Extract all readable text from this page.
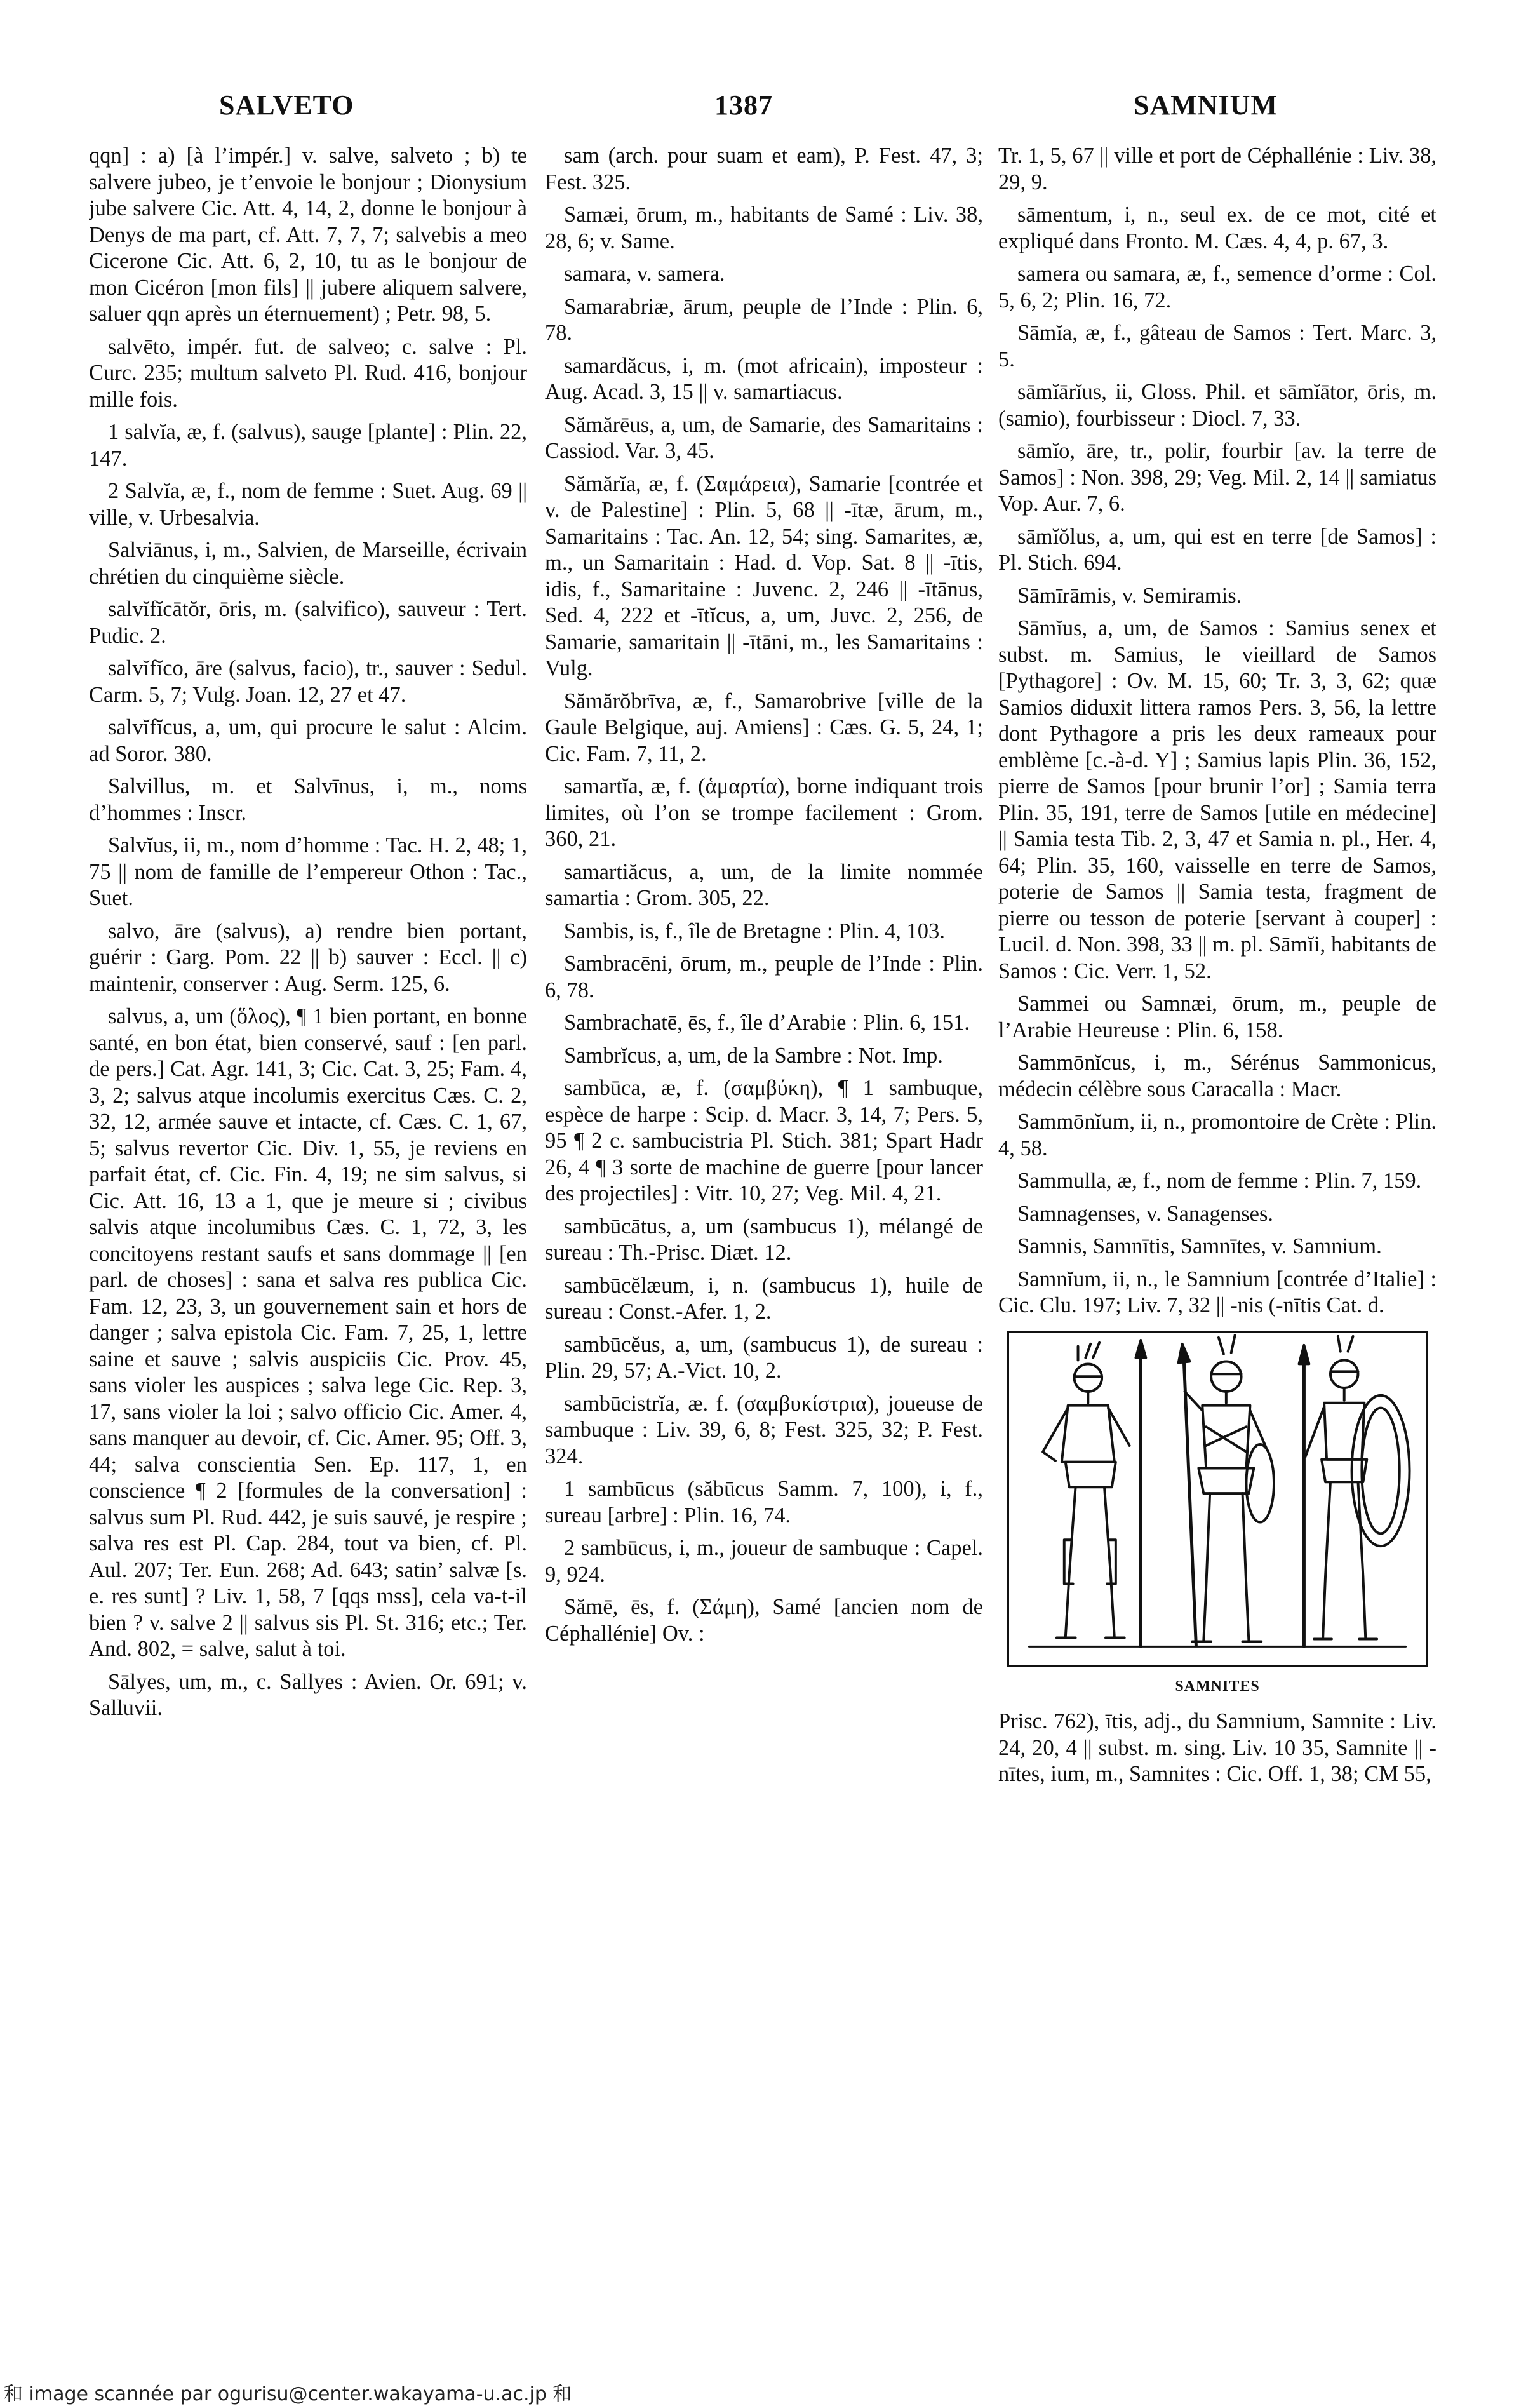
SALVETO	1387	SAMNIUM

qqn] : a) [à l’impér.] v. salve, salveto ; b) te salvere jubeo, je t’envoie le bonjour ; Dionysium jube salvere Cic. Att. 4, 14, 2, donne le bonjour à Denys de ma part, cf. Att. 7, 7, 7; salvebis a meo Cicerone Cic. Att. 6, 2, 10, tu as le bonjour de mon Cicéron [mon fils] || jubere aliquem salvere, saluer qqn après un éternuement) ; Petr. 98, 5.

salvēto, impér. fut. de salveo; c. salve : Pl. Curc. 235; multum salveto Pl. Rud. 416, bonjour mille fois.

1 salvĭa, æ, f. (salvus), sauge [plante] : Plin. 22, 147.

2 Salvĭa, æ, f., nom de femme : Suet. Aug. 69 || ville, v. Urbesalvia.

Salviānus, i, m., Salvien, de Marseille, écrivain chrétien du cinquième siècle.

salvĭfĭcātŏr, ōris, m. (salvifico), sauveur : Tert. Pudic. 2.

salvĭfĭco, āre (salvus, facio), tr., sauver : Sedul. Carm. 5, 7; Vulg. Joan. 12, 27 et 47.

salvĭfĭcus, a, um, qui procure le salut : Alcim. ad Soror. 380.

Salvillus, m. et Salvīnus, i, m., noms d’hommes : Inscr.

Salvĭus, ii, m., nom d’homme : Tac. H. 2, 48; 1, 75 || nom de famille de l’empereur Othon : Tac., Suet.

salvo, āre (salvus), a) rendre bien portant, guérir : Garg. Pom. 22 || b) sauver : Eccl. || c) maintenir, conserver : Aug. Serm. 125, 6.

salvus, a, um (ὅλος), ¶ 1 bien portant, en bonne santé, en bon état, bien conservé, sauf : [en parl. de pers.] Cat. Agr. 141, 3; Cic. Cat. 3, 25; Fam. 4, 3, 2; salvus atque incolumis exercitus Cæs. C. 2, 32, 12, armée sauve et intacte, cf. Cæs. C. 1, 67, 5; salvus revertor Cic. Div. 1, 55, je reviens en parfait état, cf. Cic. Fin. 4, 19; ne sim salvus, si Cic. Att. 16, 13 a 1, que je meure si ; civibus salvis atque incolumibus Cæs. C. 1, 72, 3, les concitoyens restant saufs et sans dommage || [en parl. de choses] : sana et salva res publica Cic. Fam. 12, 23, 3, un gouvernement sain et hors de danger ; salva epistola Cic. Fam. 7, 25, 1, lettre saine et sauve ; salvis auspiciis Cic. Prov. 45, sans violer les auspices ; salva lege Cic. Rep. 3, 17, sans violer la loi ; salvo officio Cic. Amer. 4, sans manquer au devoir, cf. Cic. Amer. 95; Off. 3, 44; salva conscientia Sen. Ep. 117, 1, en conscience ¶ 2 [formules de la conversation] : salvus sum Pl. Rud. 442, je suis sauvé, je respire ; salva res est Pl. Cap. 284, tout va bien, cf. Pl. Aul. 207; Ter. Eun. 268; Ad. 643; satin’ salvæ [s. e. res sunt] ? Liv. 1, 58, 7 [qqs mss], cela va-t-il bien ? v. salve 2 || salvus sis Pl. St. 316; etc.; Ter. And. 802, = salve, salut à toi.

Sālyes, um, m., c. Sallyes : Avien. Or. 691; v. Salluvii.

sam (arch. pour suam et eam), P. Fest. 47, 3; Fest. 325.

Samæi, ōrum, m., habitants de Samé : Liv. 38, 28, 6; v. Same.

samara, v. samera.

Samarabriæ, ārum, peuple de l’Inde : Plin. 6, 78.

samardăcus, i, m. (mot africain), imposteur : Aug. Acad. 3, 15 || v. samartiacus.

Sămărēus, a, um, de Samarie, des Samaritains : Cassiod. Var. 3, 45.

Sămărĭa, æ, f. (Σαμάρεια), Samarie [contrée et v. de Palestine] : Plin. 5, 68 || -ītæ, ārum, m., Samaritains : Tac. An. 12, 54; sing. Samarites, æ, m., un Samaritain : Had. d. Vop. Sat. 8 || -ītis, idis, f., Samaritaine : Juvenc. 2, 246 || -ītānus, Sed. 4, 222 et -ītĭcus, a, um, Juvc. 2, 256, de Samarie, samaritain || -ītāni, m., les Samaritains : Vulg.

Sămărŏbrīva, æ, f., Samarobrive [ville de la Gaule Belgique, auj. Amiens] : Cæs. G. 5, 24, 1; Cic. Fam. 7, 11, 2.

samartĭa, æ, f. (ἁμαρτία), borne indiquant trois limites, où l’on se trompe facilement : Grom. 360, 21.

samartiăcus, a, um, de la limite nommée samartia : Grom. 305, 22.

Sambis, is, f., île de Bretagne : Plin. 4, 103.

Sambracēni, ōrum, m., peuple de l’Inde : Plin. 6, 78.

Sambrachatē, ēs, f., île d’Arabie : Plin. 6, 151.

Sambrĭcus, a, um, de la Sambre : Not. Imp.

sambūca, æ, f. (σαμβύκη), ¶ 1 sambuque, espèce de harpe : Scip. d. Macr. 3, 14, 7; Pers. 5, 95 ¶ 2 c. sambucistria Pl. Stich. 381; Spart Hadr 26, 4 ¶ 3 sorte de machine de guerre [pour lancer des projectiles] : Vitr. 10, 27; Veg. Mil. 4, 21.

sambūcātus, a, um (sambucus 1), mélangé de sureau : Th.-Prisc. Diæt. 12.

sambūcĕlæum, i, n. (sambucus 1), huile de sureau : Const.-Afer. 1, 2.

sambūcĕus, a, um, (sambucus 1), de sureau : Plin. 29, 57; A.-Vict. 10, 2.

sambūcistrĭa, æ. f. (σαμβυκίστρια), joueuse de sambuque : Liv. 39, 6, 8; Fest. 325, 32; P. Fest. 324.

1 sambūcus (săbūcus Samm. 7, 100), i, f., sureau [arbre] : Plin. 16, 74.

2 sambūcus, i, m., joueur de sambuque : Capel. 9, 924.

Sămē, ēs, f. (Σάμη), Samé [ancien nom de Céphallénie] Ov. :

Tr. 1, 5, 67 || ville et port de Céphallénie : Liv. 38, 29, 9.

sāmentum, i, n., seul ex. de ce mot, cité et expliqué dans Fronto. M. Cæs. 4, 4, p. 67, 3.

samera ou samara, æ, f., semence d’orme : Col. 5, 6, 2; Plin. 16, 72.

Sāmĭa, æ, f., gâteau de Samos : Tert. Marc. 3, 5.

sāmĭārĭus, ii, Gloss. Phil. et sāmĭātor, ōris, m. (samio), fourbisseur : Diocl. 7, 33.

sāmĭo, āre, tr., polir, fourbir [av. la terre de Samos] : Non. 398, 29; Veg. Mil. 2, 14 || samiatus Vop. Aur. 7, 6.

sāmĭŏlus, a, um, qui est en terre [de Samos] : Pl. Stich. 694.

Sāmīrāmis, v. Semiramis.

Sāmĭus, a, um, de Samos : Samius senex et subst. m. Samius, le vieillard de Samos [Pythagore] : Ov. M. 15, 60; Tr. 3, 3, 62; quæ Samios diduxit littera ramos Pers. 3, 56, la lettre dont Pythagore a pris les deux rameaux pour emblème [c.-à-d. Y] ; Samius lapis Plin. 36, 152, pierre de Samos [pour brunir l’or] ; Samia terra Plin. 35, 191, terre de Samos [utile en médecine] || Samia testa Tib. 2, 3, 47 et Samia n. pl., Her. 4, 64; Plin. 35, 160, vaisselle en terre de Samos, poterie de Samos || Samia testa, fragment de pierre ou tesson de poterie [servant à couper] : Lucil. d. Non. 398, 33 || m. pl. Sāmĭi, habitants de Samos : Cic. Verr. 1, 52.

Sammei ou Samnæi, ōrum, m., peuple de l’Arabie Heureuse : Plin. 6, 158.

Sammōnĭcus, i, m., Sérénus Sammonicus, médecin célèbre sous Caracalla : Macr.

Sammōnĭum, ii, n., promontoire de Crète : Plin. 4, 58.

Sammulla, æ, f., nom de femme : Plin. 7, 159.

Samnagenses, v. Sanagenses.

Samnis, Samnītis, Samnītes, v. Samnium.

Samnĭum, ii, n., le Samnium [contrée d’Italie] : Cic. Clu. 197; Liv. 7, 32 || -nis (-nītis Cat. d.

SAMNITES

Prisc. 762), ītis, adj., du Samnium, Samnite : Liv. 24, 20, 4 || subst. m. sing. Liv. 10 35, Samnite || -nītes, ium, m., Samnites : Cic. Off. 1, 38; CM 55,

和 image scannée par ogurisu@center.wakayama-u.ac.jp 和
